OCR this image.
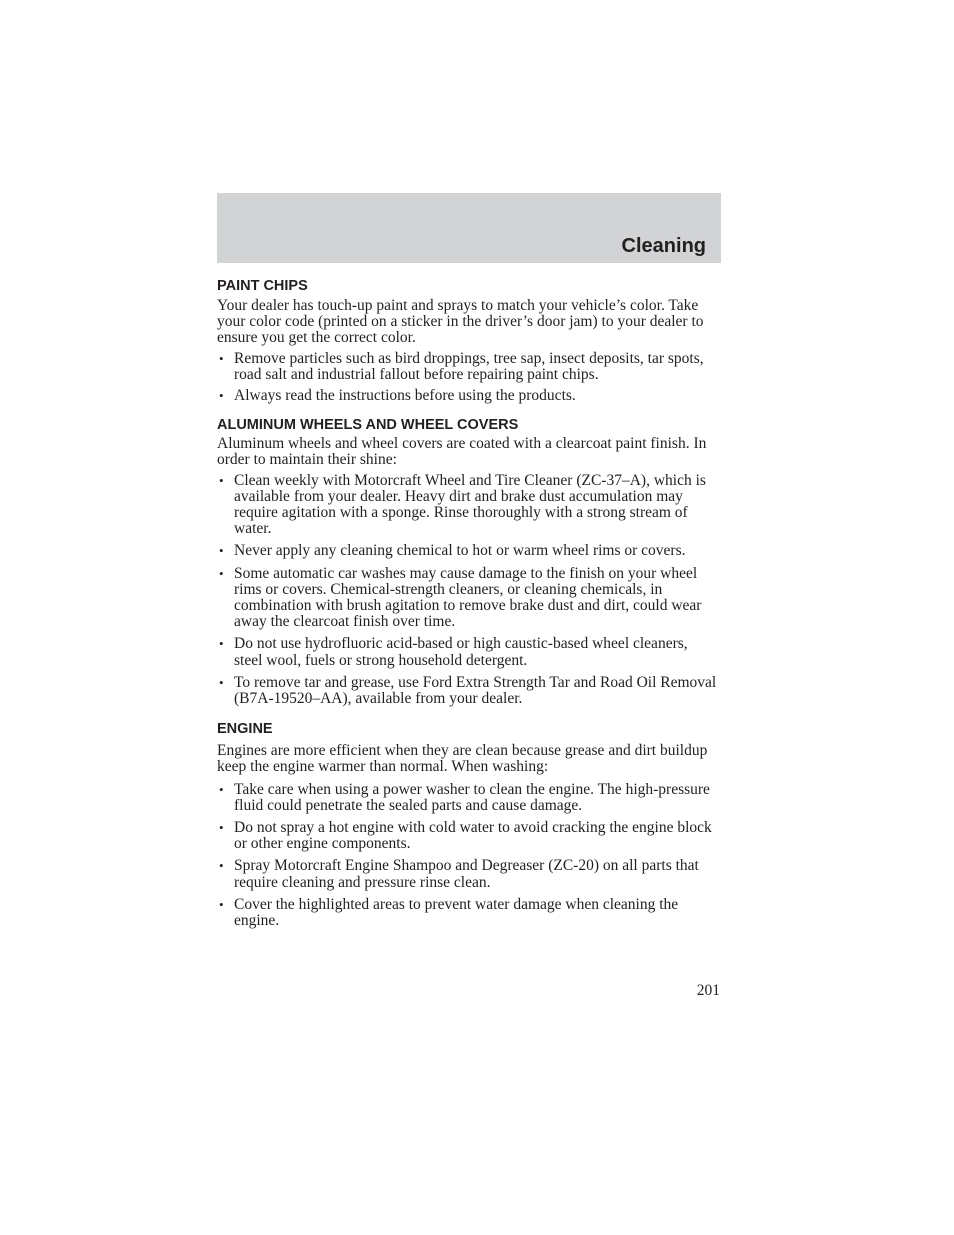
Cleaning
PAINT CHIPS

Your dealer has touch-up paint and sprays to match your vehicle’s color. Take your color code (printed on a sticker in the driver’s door jam) to your dealer to ensure you get the correct color.

• Remove particles such as bird droppings, tree sap, insect deposits, tar spots, road salt and industrial fallout before repairing paint chips.
• Always read the instructions before using the products.
ALUMINUM WHEELS AND WHEEL COVERS

Aluminum wheels and wheel covers are coated with a clearcoat paint finish. In order to maintain their shine:

• Clean weekly with Motorcraft Wheel and Tire Cleaner (ZC-37–A), which is available from your dealer. Heavy dirt and brake dust accumulation may require agitation with a sponge. Rinse thoroughly with a strong stream of water.
• Never apply any cleaning chemical to hot or warm wheel rims or covers.
• Some automatic car washes may cause damage to the finish on your wheel rims or covers. Chemical-strength cleaners, or cleaning chemicals, in combination with brush agitation to remove brake dust and dirt, could wear away the clearcoat finish over time.
• Do not use hydrofluoric acid-based or high caustic-based wheel cleaners, steel wool, fuels or strong household detergent.
• To remove tar and grease, use Ford Extra Strength Tar and Road Oil Removal (B7A-19520–AA), available from your dealer.
ENGINE

Engines are more efficient when they are clean because grease and dirt buildup keep the engine warmer than normal. When washing:

• Take care when using a power washer to clean the engine. The high-pressure fluid could penetrate the sealed parts and cause damage.
• Do not spray a hot engine with cold water to avoid cracking the engine block or other engine components.
• Spray Motorcraft Engine Shampoo and Degreaser (ZC-20) on all parts that require cleaning and pressure rinse clean.
• Cover the highlighted areas to prevent water damage when cleaning the engine.
201
